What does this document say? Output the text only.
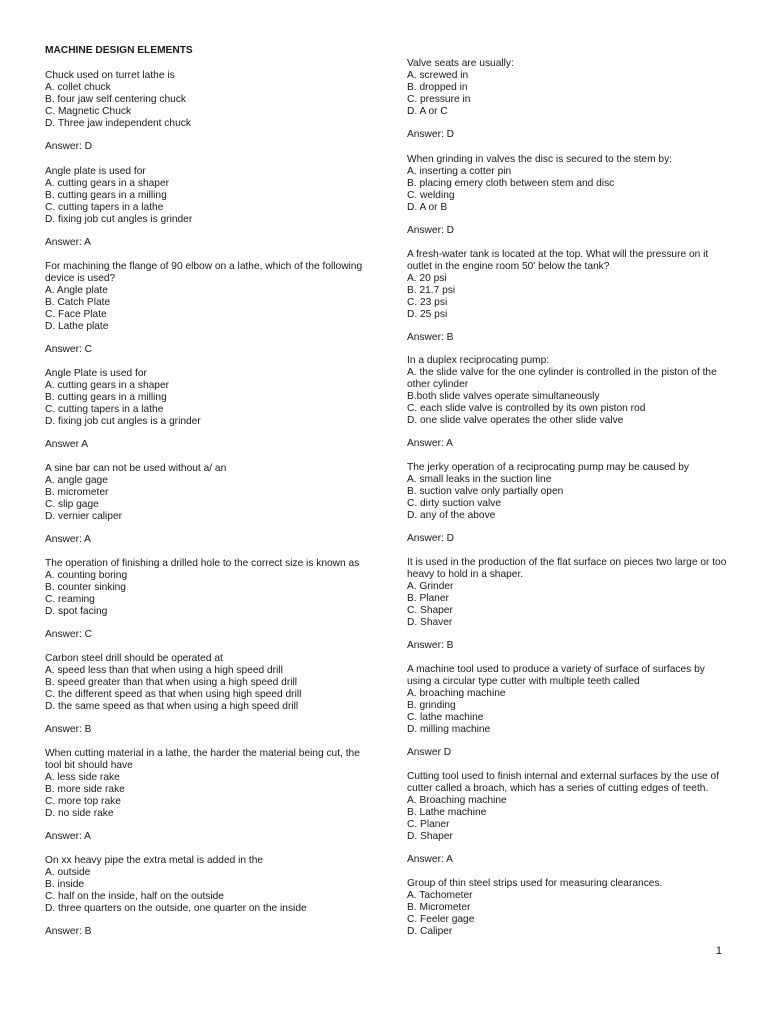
MACHINE DESIGN ELEMENTS
Chuck used on turret lathe is
A. collet chuck
B. four jaw self centering chuck
C. Magnetic Chuck
D. Three jaw independent chuck
Answer: D
Angle plate is used for
A. cutting gears in a shaper
B. cutting gears in a milling
C. cutting tapers in a lathe
D. fixing job cut angles is grinder
Answer: A
For machining the flange of 90 elbow on a lathe, which of the following
device is used?
A. Angle plate
B. Catch Plate
C. Face Plate
D. Lathe plate
Answer: C
Angle Plate is used for
A. cutting gears in a shaper
B. cutting gears in a milling
C. cutting tapers in a lathe
D. fixing job cut angles is a grinder
Answer A
A sine bar can not be used without a/ an
A. angle gage
B. micrometer
C. slip gage
D. vernier caliper
Answer: A
The operation of finishing a drilled hole to the correct size is known as
A. counting boring
B. counter sinking
C. reaming
D. spot facing
Answer: C
Carbon steel drill should be operated at
A. speed less than that when using a high speed drill
B. speed greater than that when using a high speed drill
C. the different speed as that when using high speed drill
D. the same speed as that when using a high speed drill
Answer: B
When cutting material in a lathe, the harder the material being cut, the
tool bit should have
A. less side rake
B. more side rake
C. more top rake
D. no side rake
Answer: A
On xx heavy pipe the extra metal is added in the
A. outside
B. inside
C. half on the inside, half on the outside
D. three quarters on the outside, one quarter on the inside
Answer: B
Valve seats are usually:
A. screwed in
B. dropped in
C. pressure in
D. A or C
Answer: D
When grinding in valves the disc is secured to the stem by:
A. inserting a cotter pin
B. placing emery cloth between stem and disc
C. welding
D. A or B
Answer: D
A fresh-water tank is located at the top. What will the pressure on it
outlet in the engine room 50' below the tank?
A. 20 psi
B. 21.7 psi
C. 23 psi
D. 25 psi
Answer: B
In a duplex reciprocating pump:
A. the slide valve for the one cylinder is controlled in the piston of the
other cylinder
B.both slide valves operate simultaneously
C. each slide valve is controlled by its own piston rod
D. one slide valve operates the other slide valve
Answer: A
The jerky operation of a reciprocating pump may be caused by
A. small leaks in the suction line
B. suction valve only partially open
C. dirty suction valve
D. any of the above
Answer: D
It is used in the production of the flat surface on pieces two large or too
heavy to hold in a shaper.
A. Grinder
B. Planer
C. Shaper
D. Shaver
Answer: B
A machine tool used to produce a variety of surface of surfaces by
using a circular type cutter with multiple teeth called
A. broaching machine
B. grinding
C. lathe machine
D. milling machine
Answer D
Cutting tool used to finish internal and external surfaces by the use of
cutter called a broach, which has a series of cutting edges of teeth.
A. Broaching machine
B. Lathe machine
C. Planer
D. Shaper
Answer: A
Group of thin steel strips used for measuring clearances.
A. Tachometer
B. Micrometer
C. Feeler gage
D. Caliper
1
